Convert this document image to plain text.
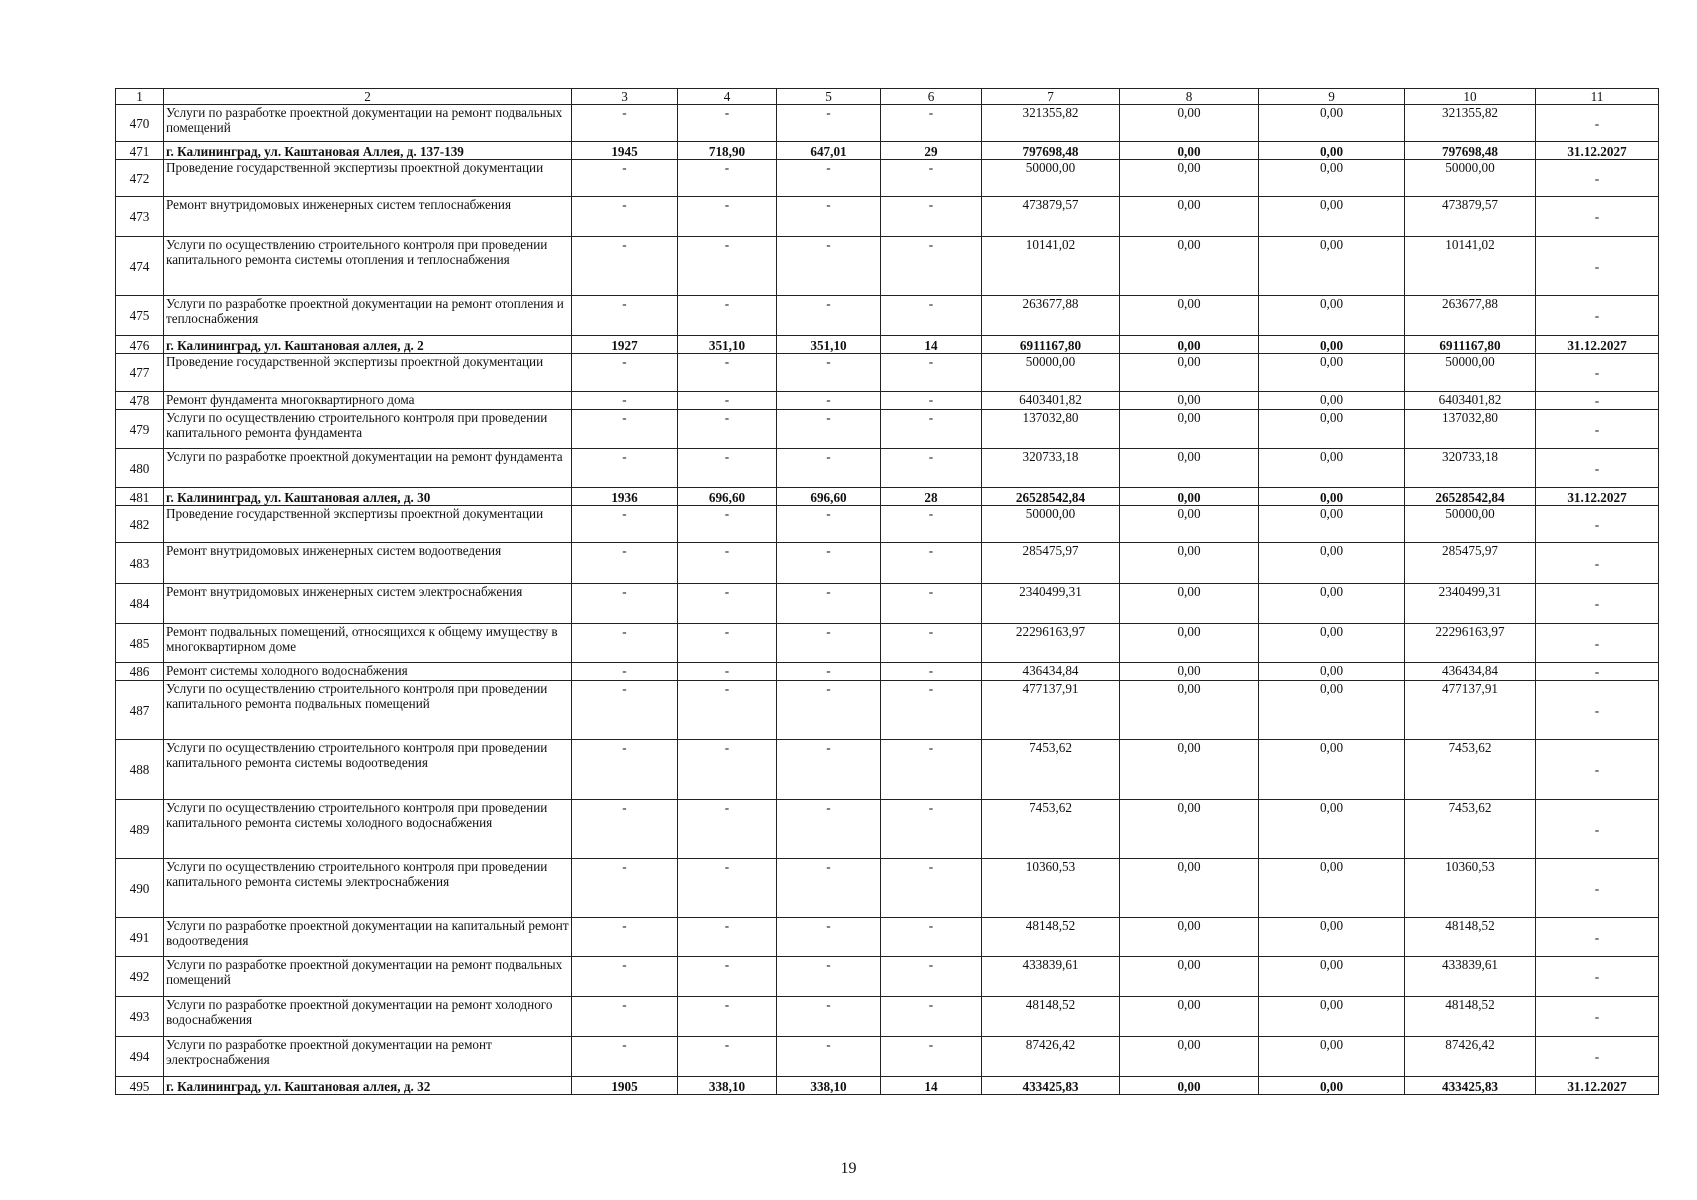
1	2	3	4	5	6	7	8	9	10	11
470	Услуги по разработке проектной документации на ремонт подвальных помещений	-	-	-	-	321355,82	0,00	0,00	321355,82	-
471	г. Калининград, ул. Каштановая Аллея, д. 137-139	1945	718,90	647,01	29	797698,48	0,00	0,00	797698,48	31.12.2027
472	Проведение государственной экспертизы проектной документации	-	-	-	-	50000,00	0,00	0,00	50000,00	-
473	Ремонт внутридомовых инженерных систем теплоснабжения	-	-	-	-	473879,57	0,00	0,00	473879,57	-
474	Услуги по осуществлению строительного контроля при проведении капитального ремонта системы отопления и теплоснабжения	-	-	-	-	10141,02	0,00	0,00	10141,02	-
475	Услуги по разработке проектной документации на ремонт отопления и теплоснабжения	-	-	-	-	263677,88	0,00	0,00	263677,88	-
476	г. Калининград, ул. Каштановая аллея, д. 2	1927	351,10	351,10	14	6911167,80	0,00	0,00	6911167,80	31.12.2027
477	Проведение государственной экспертизы проектной документации	-	-	-	-	50000,00	0,00	0,00	50000,00	-
478	Ремонт фундамента многоквартирного дома	-	-	-	-	6403401,82	0,00	0,00	6403401,82	-
479	Услуги по осуществлению строительного контроля при проведении капитального ремонта фундамента	-	-	-	-	137032,80	0,00	0,00	137032,80	-
480	Услуги по разработке проектной документации на ремонт фундамента	-	-	-	-	320733,18	0,00	0,00	320733,18	-
481	г. Калининград, ул. Каштановая аллея, д. 30	1936	696,60	696,60	28	26528542,84	0,00	0,00	26528542,84	31.12.2027
482	Проведение государственной экспертизы проектной документации	-	-	-	-	50000,00	0,00	0,00	50000,00	-
483	Ремонт внутридомовых инженерных систем водоотведения	-	-	-	-	285475,97	0,00	0,00	285475,97	-
484	Ремонт внутридомовых инженерных систем электроснабжения	-	-	-	-	2340499,31	0,00	0,00	2340499,31	-
485	Ремонт подвальных помещений, относящихся к общему имуществу в многоквартирном доме	-	-	-	-	22296163,97	0,00	0,00	22296163,97	-
486	Ремонт системы холодного водоснабжения	-	-	-	-	436434,84	0,00	0,00	436434,84	-
487	Услуги по осуществлению строительного контроля при проведении капитального ремонта подвальных помещений	-	-	-	-	477137,91	0,00	0,00	477137,91	-
488	Услуги по осуществлению строительного контроля при проведении капитального ремонта системы водоотведения	-	-	-	-	7453,62	0,00	0,00	7453,62	-
489	Услуги по осуществлению строительного контроля при проведении капитального ремонта системы холодного водоснабжения	-	-	-	-	7453,62	0,00	0,00	7453,62	-
490	Услуги по осуществлению строительного контроля при проведении капитального ремонта системы электроснабжения	-	-	-	-	10360,53	0,00	0,00	10360,53	-
491	Услуги по разработке проектной документации на капитальный ремонт водоотведения	-	-	-	-	48148,52	0,00	0,00	48148,52	-
492	Услуги по разработке проектной документации на ремонт подвальных помещений	-	-	-	-	433839,61	0,00	0,00	433839,61	-
493	Услуги по разработке проектной документации на ремонт холодного водоснабжения	-	-	-	-	48148,52	0,00	0,00	48148,52	-
494	Услуги по разработке проектной документации на ремонт электроснабжения	-	-	-	-	87426,42	0,00	0,00	87426,42	-
495	г. Калининград, ул. Каштановая аллея, д. 32	1905	338,10	338,10	14	433425,83	0,00	0,00	433425,83	31.12.2027
19
